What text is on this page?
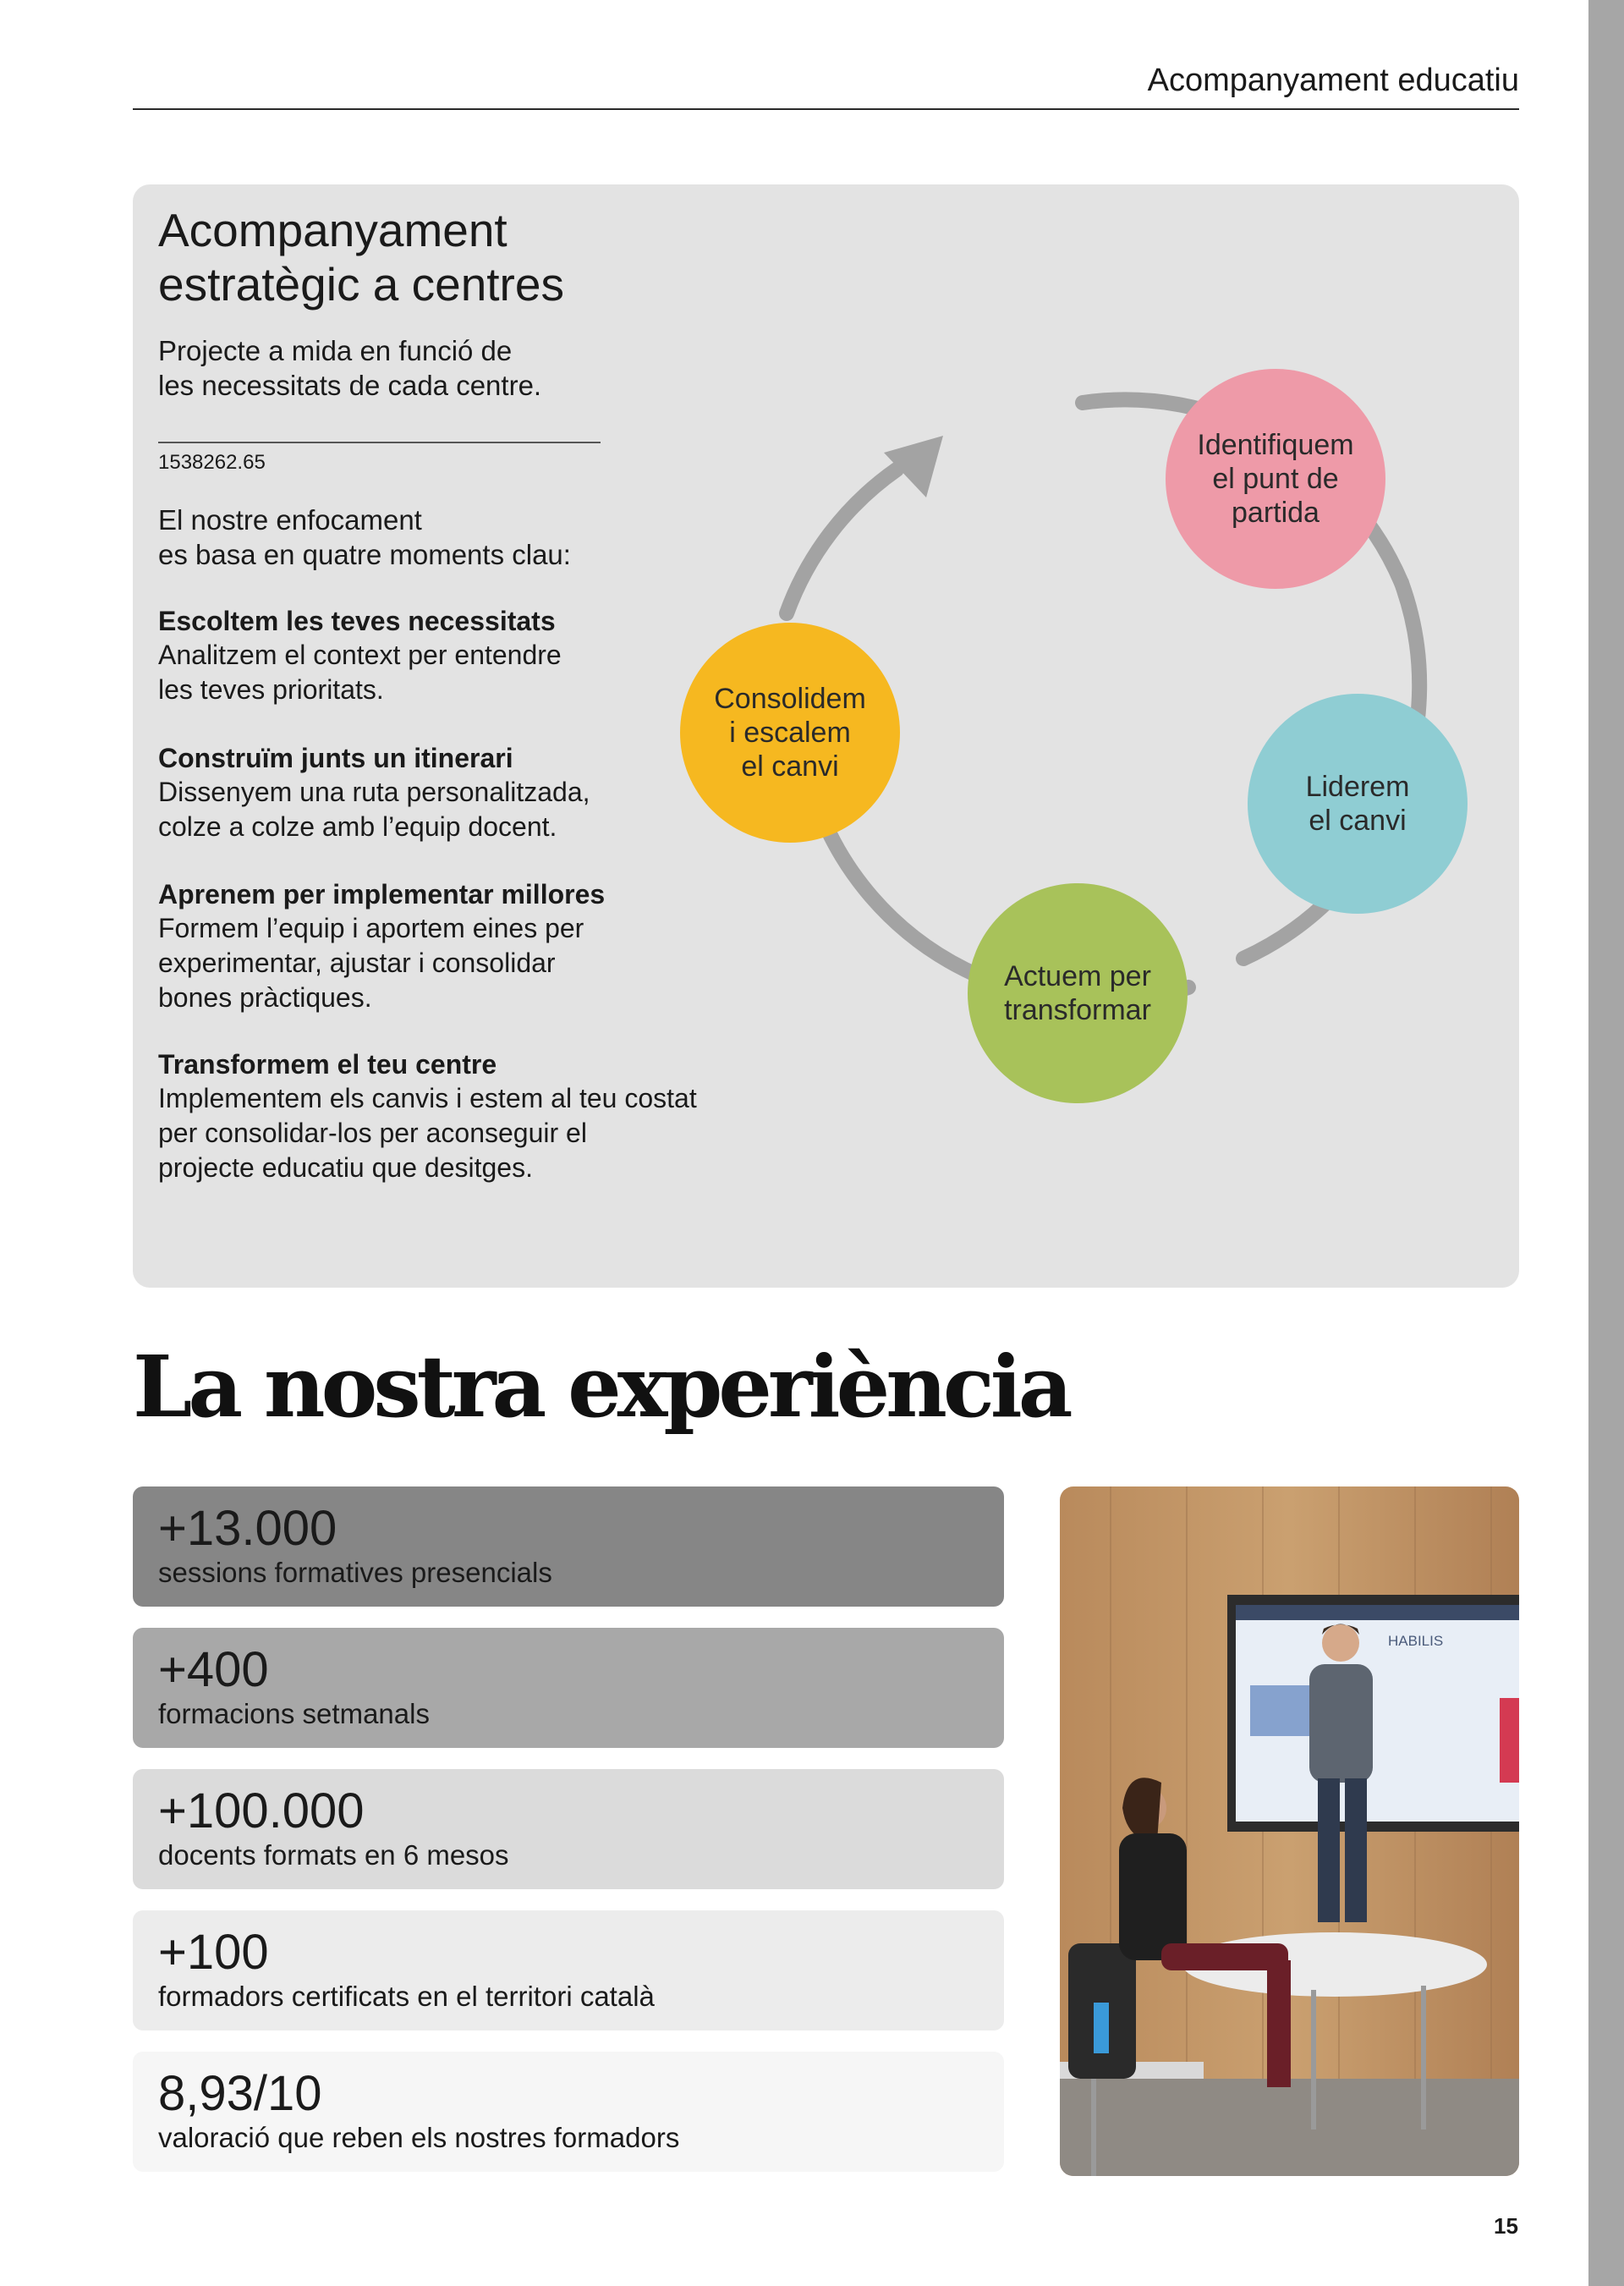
Acompanyament educatiu
Acompanyament
estratègic a centres

Projecte a mida en funció de
les necessitats de cada centre.

1538262.65

El nostre enfocament
es basa en quatre moments clau:

Escoltem les teves necessitats
Analitzem el context per entendre
les teves prioritats.
Construïm junts un itinerari
Dissenyem una ruta personalitzada,
colze a colze amb l’equip docent.
Aprenem per implementar millores
Formem l’equip i aportem eines per
experimentar, ajustar i consolidar
bones pràctiques.
Transformem el teu centre
Implementem els canvis i estem al teu costat
per consolidar-los per aconseguir el
projecte educatiu que desitges.
Identifiquem
el punt de
partida
Liderem
el canvi
Actuem per
transformar
Consolidem
i escalem
el canvi
La nostra experiència
+13.000
sessions formatives presencials
+400
formacions setmanals
+100.000
docents formats en 6 mesos
+100
formadors certificats en el territori català
8,93/10
valoració que reben els nostres formadors
HABILIS
15
